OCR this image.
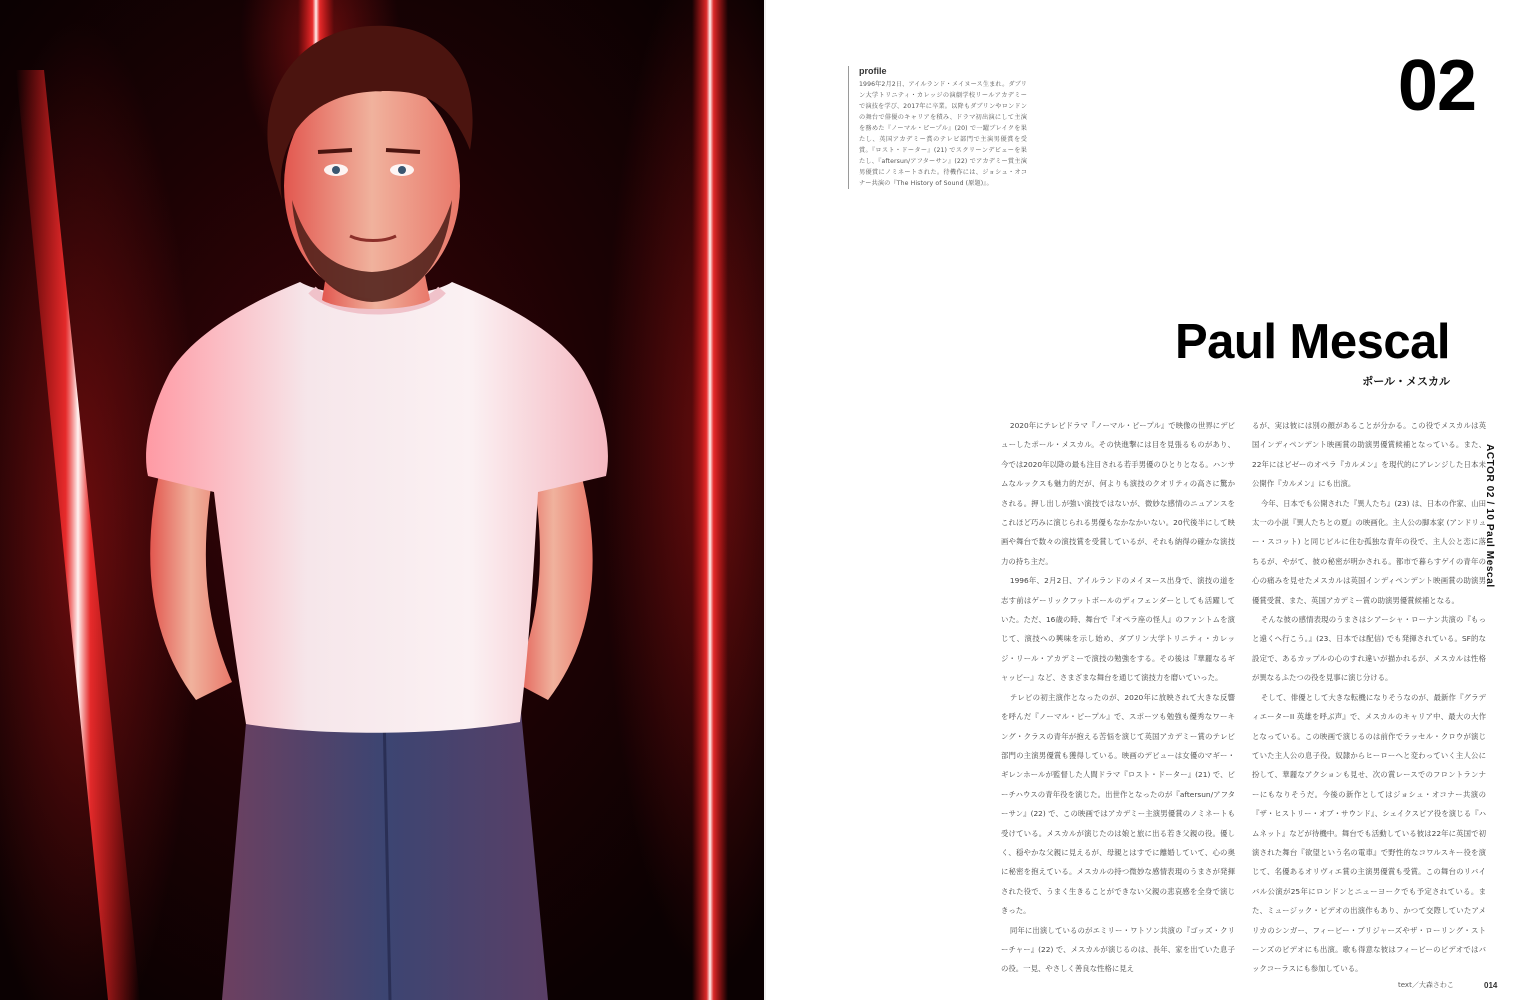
profile
1996年2月2日、アイルランド・メイヌース生まれ。ダブリン大学トリニティ・カレッジの演劇学校リールアカデミーで演技を学び、2017年に卒業。以降もダブリンやロンドンの舞台で俳優のキャリアを積み、ドラマ初出演にして主演を務めた『ノーマル・ピープル』(20) で一躍ブレイクを果たし、英国アカデミー賞のテレビ部門で主演男優賞を受賞。『ロスト・ドーター』(21) でスクリーンデビューを果たし、『aftersun/アフターサン』(22) でアカデミー賞主演男優賞にノミネートされた。待機作には、ジョシュ・オコナー共演の『The History of Sound (原題)』。
02
Paul Mescal
ポール・メスカル

2020年にテレビドラマ『ノーマル・ピープル』で映像の世界にデビューしたポール・メスカル。その快進撃には目を見張るものがあり、今では2020年以降の最も注目される若手男優のひとりとなる。ハンサムなルックスも魅力的だが、何よりも演技のクオリティの高さに驚かされる。押し出しが強い演技ではないが、微妙な感情のニュアンスをこれほど巧みに演じられる男優もなかなかいない。20代後半にして映画や舞台で数々の演技賞を受賞しているが、それも納得の確かな演技力の持ち主だ。

1996年、2月2日、アイルランドのメイヌース出身で、演技の道を志す前はゲーリックフットボールのディフェンダーとしても活躍していた。ただ、16歳の時、舞台で『オペラ座の怪人』のファントムを演じて、演技への興味を示し始め、ダブリン大学トリニティ・カレッジ・リール・アカデミーで演技の勉強をする。その後は『華麗なるギャッビー』など、さまざまな舞台を通じて演技力を磨いていった。

テレビの初主演作となったのが、2020年に放映されて大きな反響を呼んだ『ノーマル・ピープル』で、スポーツも勉強も優秀なワーキング・クラスの青年が抱える苦悩を演じて英国アカデミー賞のテレビ部門の主演男優賞も獲得している。映画のデビューは女優のマギー・ギレンホールが監督した人間ドラマ『ロスト・ドーター』(21) で、ビーチハウスの青年役を演じた。出世作となったのが『aftersun/アフターサン』(22) で、この映画ではアカデミー主演男優賞のノミネートも受けている。メスカルが演じたのは娘と旅に出る若き父親の役。優しく、穏やかな父親に見えるが、母親とはすでに離婚していて、心の奥に秘密を抱えている。メスカルの持つ微妙な感情表現のうまさが発揮された役で、うまく生きることができない父親の悲哀感を全身で演じきった。

同年に出演しているのがエミリー・ワトソン共演の『ゴッズ・クリーチャー』(22) で、メスカルが演じるのは、長年、家を出ていた息子の役。一見、やさしく善良な性格に見え

るが、実は彼には別の顔があることが分かる。この役でメスカルは英国インディペンデント映画賞の助演男優賞候補となっている。また、22年にはビゼーのオペラ『カルメン』を現代的にアレンジした日本未公開作『カルメン』にも出演。

今年、日本でも公開された『異人たち』(23) は、日本の作家、山田太一の小説『異人たちとの夏』の映画化。主人公の脚本家 (アンドリュー・スコット) と同じビルに住む孤独な青年の役で、主人公と恋に落ちるが、やがて、彼の秘密が明かされる。都市で暮らすゲイの青年の心の痛みを見せたメスカルは英国インディペンデント映画賞の助演男優賞受賞、また、英国アカデミー賞の助演男優賞候補となる。

そんな彼の感情表現のうまさはシアーシャ・ローナン共演の『もっと遠くへ行こう。』(23、日本では配信) でも発揮されている。SF的な設定で、あるカップルの心のすれ違いが描かれるが、メスカルは性格が異なるふたつの役を見事に演じ分ける。

そして、俳優として大きな転機になりそうなのが、最新作『グラディエーターII 英雄を呼ぶ声』で、メスカルのキャリア中、最大の大作となっている。この映画で演じるのは前作でラッセル・クロウが演じていた主人公の息子役。奴隷からヒーローへと変わっていく主人公に扮して、華麗なアクションも見せ、次の賞レースでのフロントランナーにもなりそうだ。今後の新作としてはジョシュ・オコナー共演の『ザ・ヒストリー・オブ・サウンド』、シェイクスピア役を演じる『ハムネット』などが待機中。舞台でも活動している彼は22年に英国で初演された舞台『欲望という名の電車』で野性的なコワルスキー役を演じて、名優あるオリヴィエ賞の主演男優賞も受賞。この舞台のリバイバル公演が25年にロンドンとニューヨークでも予定されている。また、ミュージック・ビデオの出演作もあり、かつて交際していたアメリカのシンガー、フィービー・ブリジャーズやザ・ローリング・ストーンズのビデオにも出演。歌も得意な彼はフィービーのビデオではバックコーラスにも参加している。

ACTOR 02 / 10 Paul Mescal
text／大森さわこ	014
